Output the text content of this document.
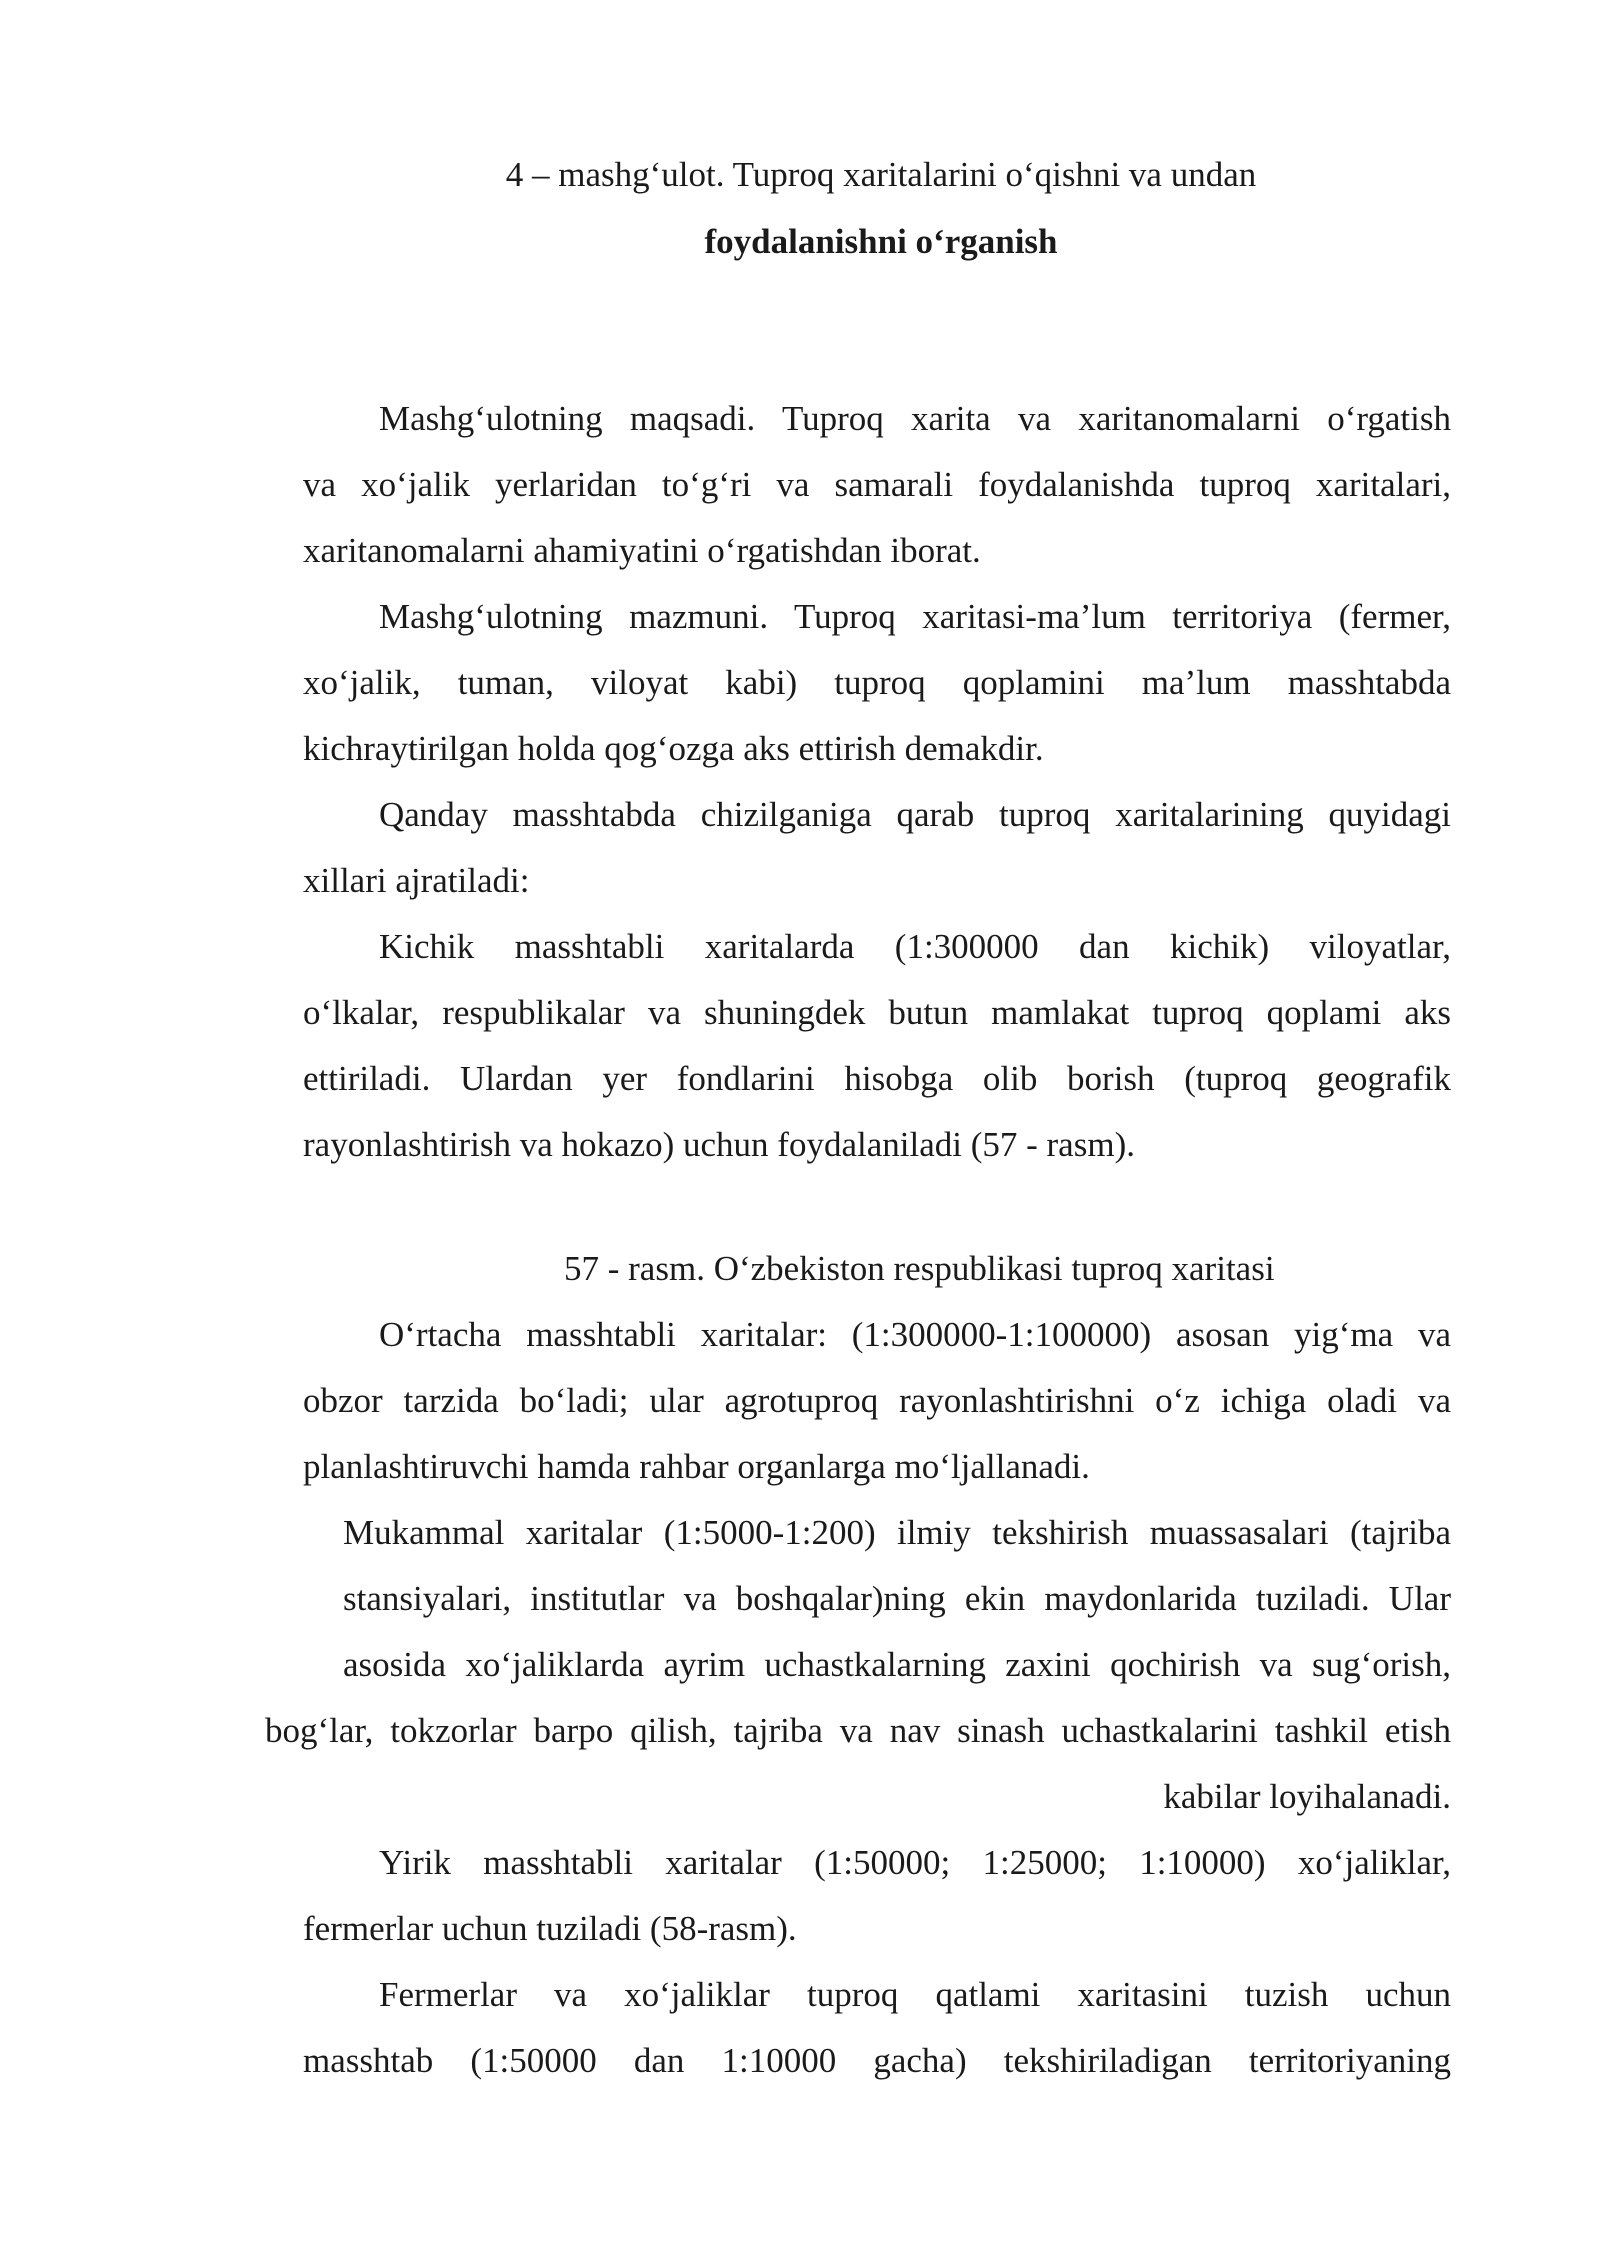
4 – mashg‘ulot. Tuproq xaritalarini o‘qishni va undan
foydalanishni o‘rganish
Mashg‘ulotning maqsadi. Tuproq xarita va xaritanomalarni o‘rgatish
va xo‘jalik yerlaridan to‘g‘ri va samarali foydalanishda tuproq xaritalari,
xaritanomalarni ahamiyatini o‘rgatishdan iborat.
Mashg‘ulotning mazmuni. Tuproq xaritasi-ma’lum territoriya (fermer,
xo‘jalik, tuman, viloyat kabi) tuproq qoplamini ma’lum masshtabda
kichraytirilgan holda qog‘ozga aks ettirish demakdir.
Qanday masshtabda chizilganiga qarab tuproq xaritalarining quyidagi
xillari ajratiladi:
Kichik masshtabli xaritalarda (1:300000 dan kichik) viloyatlar,
o‘lkalar, respublikalar va shuningdek butun mamlakat tuproq qoplami aks
ettiriladi. Ulardan yer fondlarini hisobga olib borish (tuproq geografik
rayonlashtirish va hokazo) uchun foydalaniladi (57 - rasm).
57 - rasm. O‘zbekiston respublikasi tuproq xaritasi
O‘rtacha masshtabli xaritalar: (1:300000-1:100000) asosan yig‘ma va
obzor tarzida bo‘ladi; ular agrotuproq rayonlashtirishni o‘z ichiga oladi va
planlashtiruvchi hamda rahbar organlarga mo‘ljallanadi.
Mukammal xaritalar (1:5000-1:200) ilmiy tekshirish muassasalari (tajriba
stansiyalari, institutlar va boshqalar)ning ekin maydonlarida tuziladi. Ular
asosida xo‘jaliklarda ayrim uchastkalarning zaxini qochirish va sug‘orish,
bog‘lar, tokzorlar barpo qilish, tajriba va nav sinash uchastkalarini tashkil etish
kabilar loyihalanadi.
Yirik masshtabli xaritalar (1:50000; 1:25000; 1:10000) xo‘jaliklar,
fermerlar uchun tuziladi (58-rasm).
Fermerlar va xo‘jaliklar tuproq qatlami xaritasini tuzish uchun
masshtab (1:50000 dan 1:10000 gacha) tekshiriladigan territoriyaning
